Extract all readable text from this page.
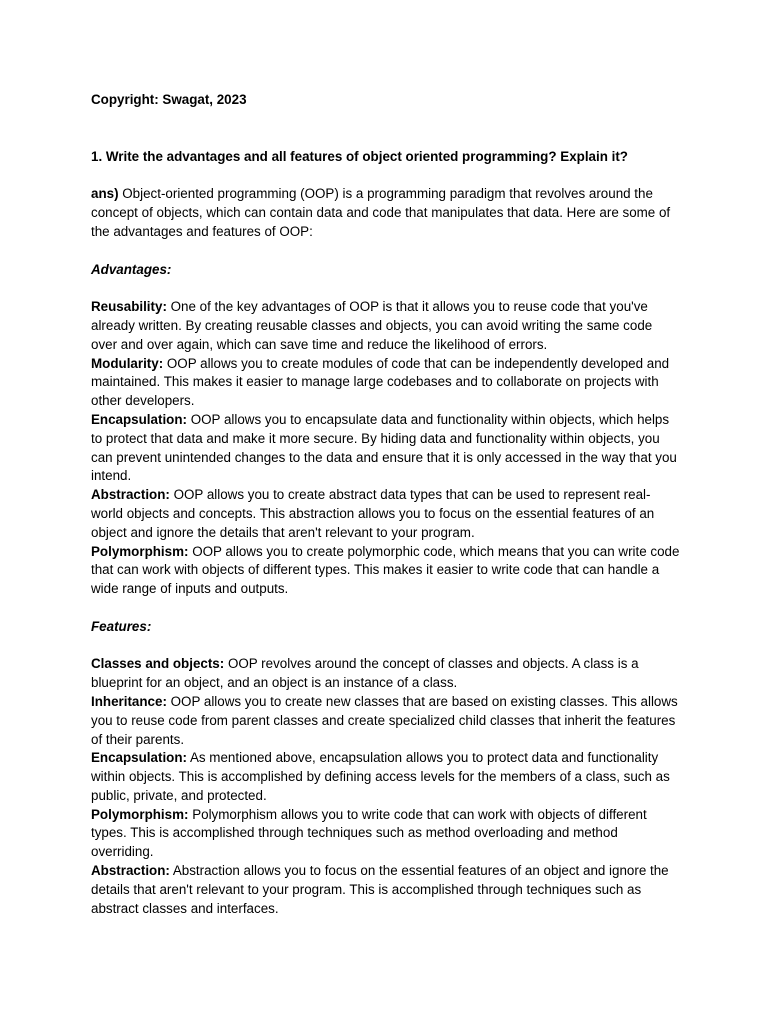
Copyright: Swagat, 2023

1. Write the advantages and all features of object oriented programming? Explain it?

ans) Object-oriented programming (OOP) is a programming paradigm that revolves around the concept of objects, which can contain data and code that manipulates that data. Here are some of the advantages and features of OOP:

Advantages:

Reusability: One of the key advantages of OOP is that it allows you to reuse code that you've already written. By creating reusable classes and objects, you can avoid writing the same code over and over again, which can save time and reduce the likelihood of errors.

Modularity: OOP allows you to create modules of code that can be independently developed and maintained. This makes it easier to manage large codebases and to collaborate on projects with other developers.

Encapsulation: OOP allows you to encapsulate data and functionality within objects, which helps to protect that data and make it more secure. By hiding data and functionality within objects, you can prevent unintended changes to the data and ensure that it is only accessed in the way that you intend.

Abstraction: OOP allows you to create abstract data types that can be used to represent real-world objects and concepts. This abstraction allows you to focus on the essential features of an object and ignore the details that aren't relevant to your program.

Polymorphism: OOP allows you to create polymorphic code, which means that you can write code that can work with objects of different types. This makes it easier to write code that can handle a wide range of inputs and outputs.

Features:

Classes and objects: OOP revolves around the concept of classes and objects. A class is a blueprint for an object, and an object is an instance of a class.

Inheritance: OOP allows you to create new classes that are based on existing classes. This allows you to reuse code from parent classes and create specialized child classes that inherit the features of their parents.

Encapsulation: As mentioned above, encapsulation allows you to protect data and functionality within objects. This is accomplished by defining access levels for the members of a class, such as public, private, and protected.

Polymorphism: Polymorphism allows you to write code that can work with objects of different types. This is accomplished through techniques such as method overloading and method overriding.

Abstraction: Abstraction allows you to focus on the essential features of an object and ignore the details that aren't relevant to your program. This is accomplished through techniques such as abstract classes and interfaces.
